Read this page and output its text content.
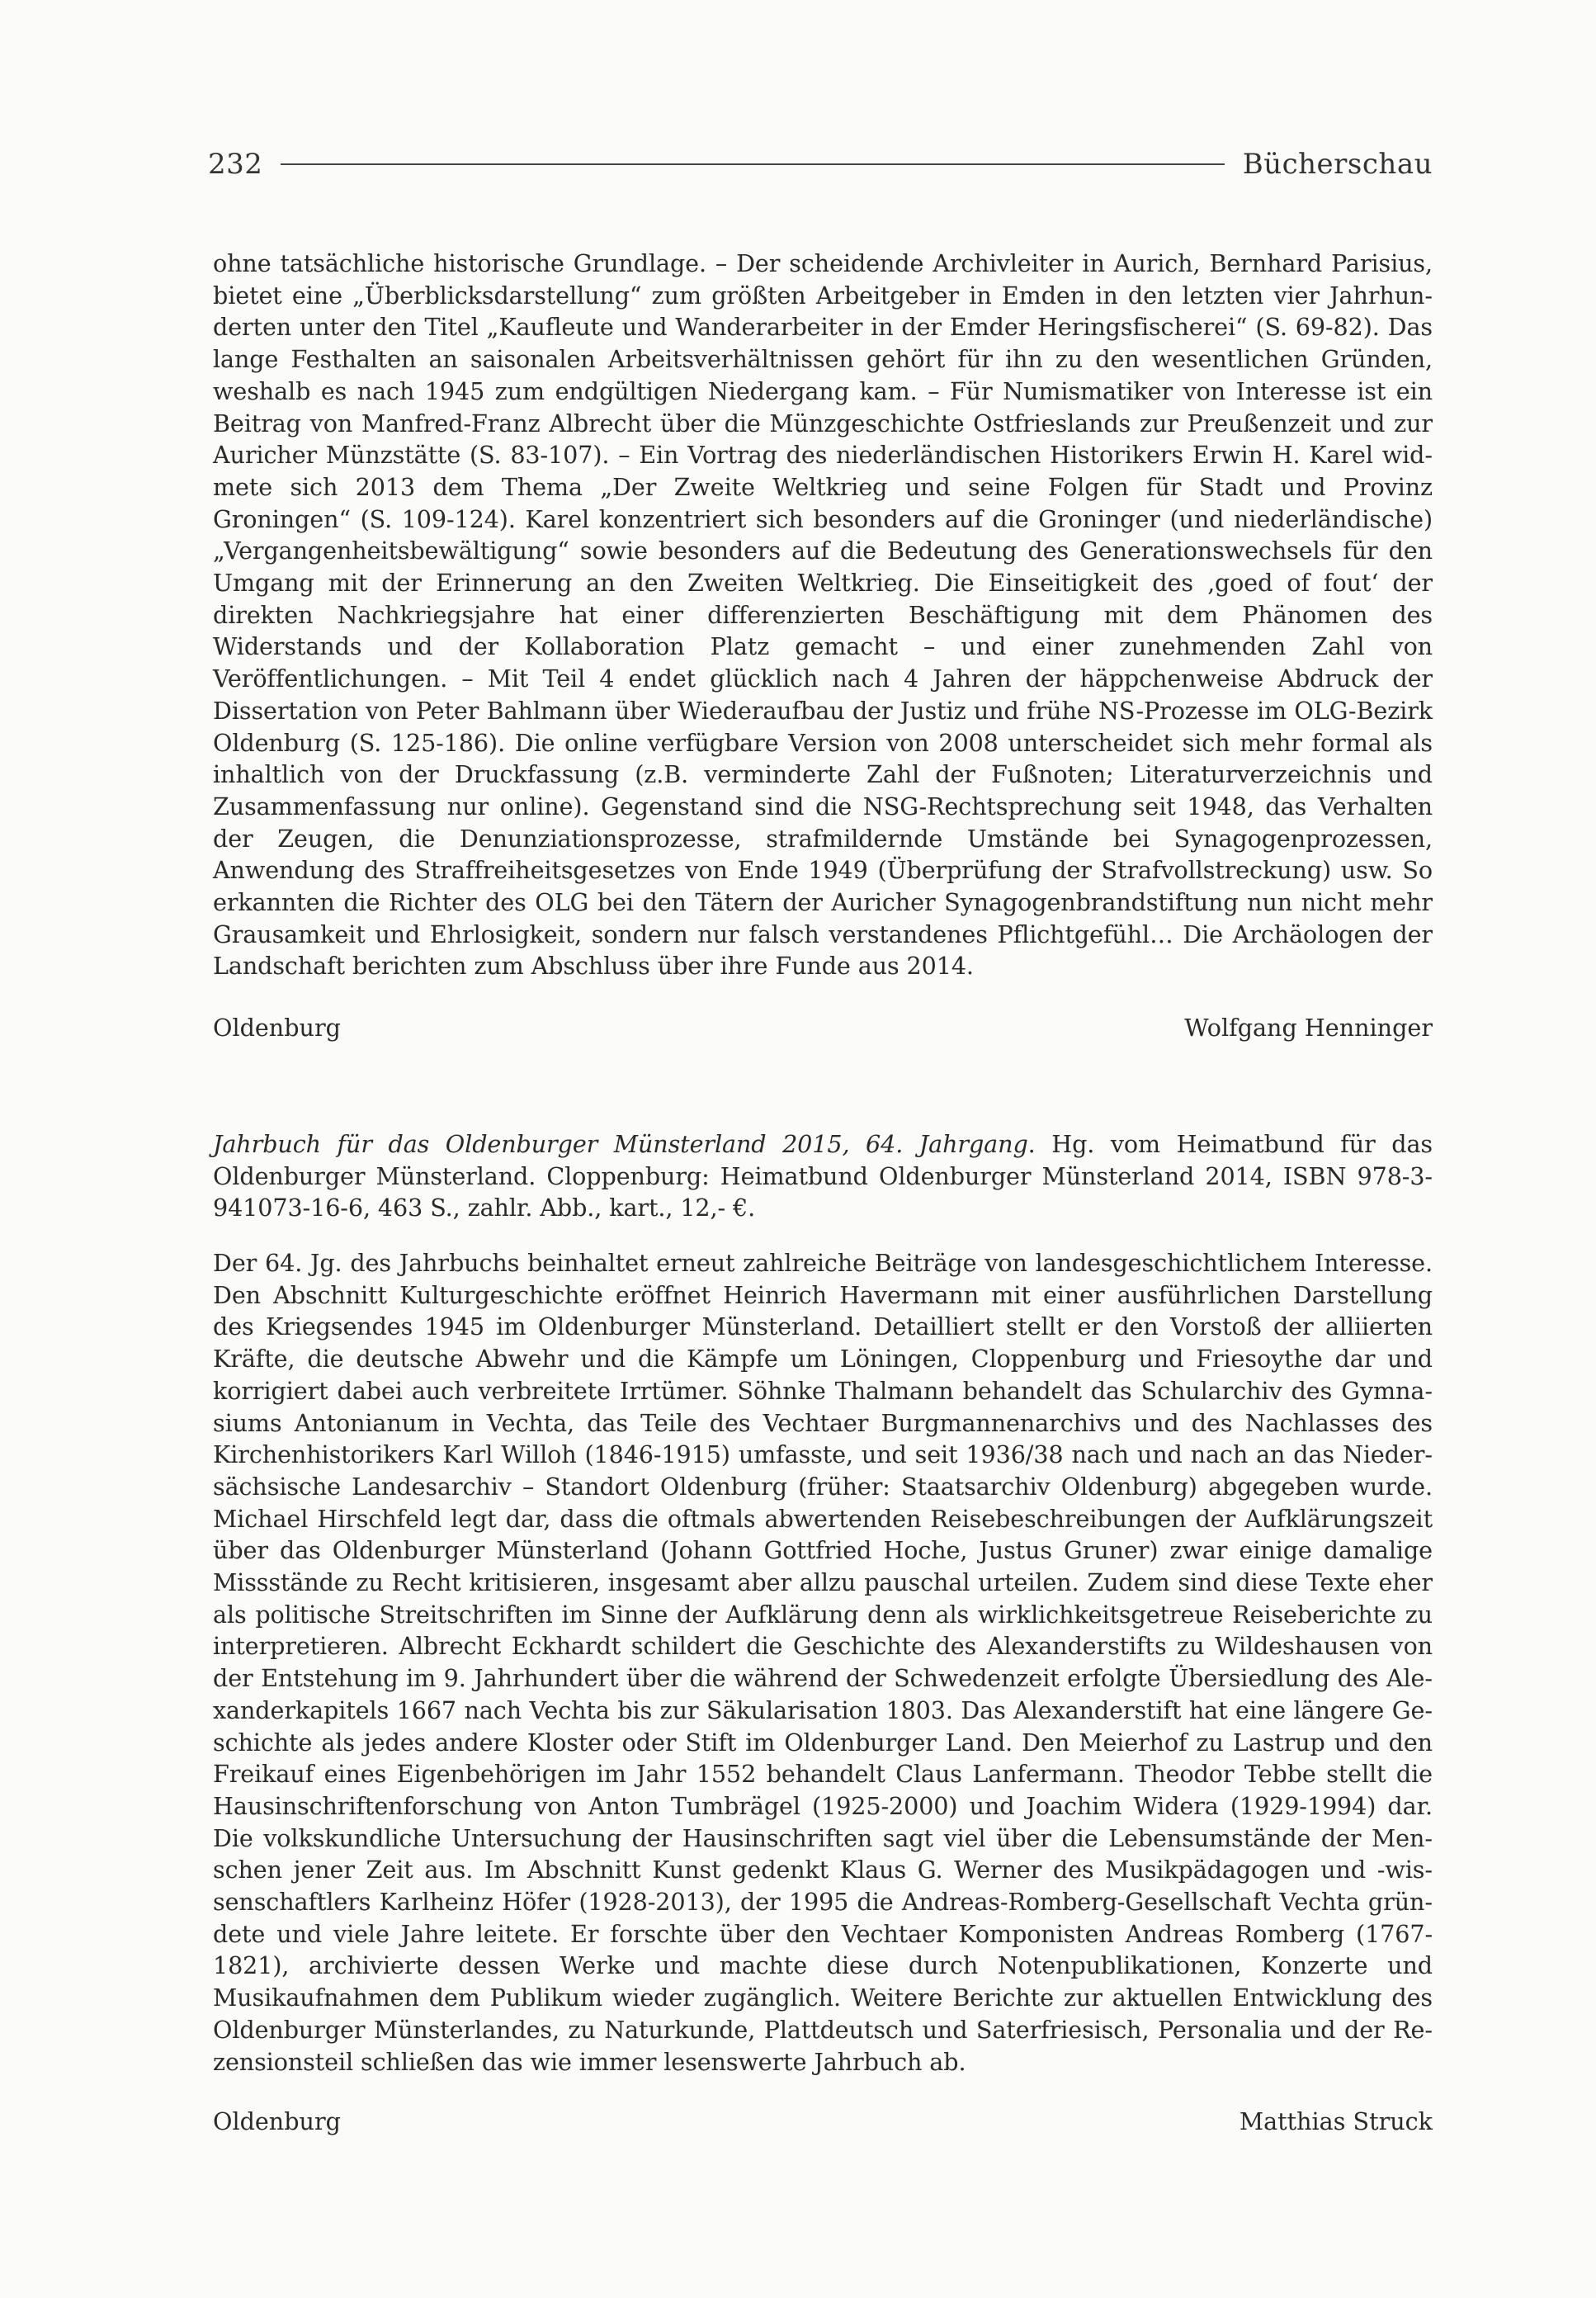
232	Bücherschau

ohne tatsächliche historische Grundlage. – Der scheidende Archivleiter in Aurich, Bernhard Parisius, bietet eine „Überblicksdarstellung“ zum größten Arbeitgeber in Emden in den letzten vier Jahrhunderten unter den Titel „Kaufleute und Wanderarbeiter in der Emder Heringsfischerei“ (S. 69-82). Das lange Festhalten an saisonalen Arbeitsverhältnissen gehört für ihn zu den wesentlichen Gründen, weshalb es nach 1945 zum endgültigen Niedergang kam. – Für Numismatiker von Interesse ist ein Beitrag von Manfred-Franz Albrecht über die Münzgeschichte Ostfrieslands zur Preußenzeit und zur Auricher Münzstätte (S. 83-107). – Ein Vortrag des niederländischen Historikers Erwin H. Karel widmete sich 2013 dem Thema „Der Zweite Weltkrieg und seine Folgen für Stadt und Provinz Groningen“ (S. 109-124). Karel konzentriert sich besonders auf die Groninger (und niederländische) „Vergangenheitsbewältigung“ sowie besonders auf die Bedeutung des Generationswechsels für den Umgang mit der Erinnerung an den Zweiten Weltkrieg. Die Einseitigkeit des ‚goed of fout‘ der direkten Nachkriegsjahre hat einer differenzierten Beschäftigung mit dem Phänomen des Widerstands und der Kollaboration Platz gemacht – und einer zunehmenden Zahl von Veröffentlichungen. – Mit Teil 4 endet glücklich nach 4 Jahren der häppchenweise Abdruck der Dissertation von Peter Bahlmann über Wiederaufbau der Justiz und frühe NS-Prozesse im OLG-Bezirk Oldenburg (S. 125-186). Die online verfügbare Version von 2008 unterscheidet sich mehr formal als inhaltlich von der Druckfassung (z.B. verminderte Zahl der Fußnoten; Literaturverzeichnis und Zusammenfassung nur online). Gegenstand sind die NSG-Rechtsprechung seit 1948, das Verhalten der Zeugen, die Denunziationsprozesse, strafmildernde Umstände bei Synagogenprozessen, Anwendung des Straffreiheitsgesetzes von Ende 1949 (Überprüfung der Strafvollstreckung) usw. So erkannten die Richter des OLG bei den Tätern der Auricher Synagogenbrandstiftung nun nicht mehr Grausamkeit und Ehrlosigkeit, sondern nur falsch verstandenes Pflichtgefühl… Die Archäologen der Landschaft berichten zum Abschluss über ihre Funde aus 2014.

Oldenburg	Wolfgang Henninger

Jahrbuch für das Oldenburger Münsterland 2015, 64. Jahrgang. Hg. vom Heimatbund für das Oldenburger Münsterland. Cloppenburg: Heimatbund Oldenburger Münsterland 2014, ISBN 978-3-941073-16-6, 463 S., zahlr. Abb., kart., 12,- €.

Der 64. Jg. des Jahrbuchs beinhaltet erneut zahlreiche Beiträge von landesgeschichtlichem Interesse. Den Abschnitt Kulturgeschichte eröffnet Heinrich Havermann mit einer ausführlichen Darstellung des Kriegsendes 1945 im Oldenburger Münsterland. Detailliert stellt er den Vorstoß der alliierten Kräfte, die deutsche Abwehr und die Kämpfe um Löningen, Cloppenburg und Friesoythe dar und korrigiert dabei auch verbreitete Irrtümer. Söhnke Thalmann behandelt das Schularchiv des Gymnasiums Antonianum in Vechta, das Teile des Vechtaer Burgmannenarchivs und des Nachlasses des Kirchenhistorikers Karl Willoh (1846-1915) umfasste, und seit 1936/38 nach und nach an das Niedersächsische Landesarchiv – Standort Oldenburg (früher: Staatsarchiv Oldenburg) abgegeben wurde. Michael Hirschfeld legt dar, dass die oftmals abwertenden Reisebeschreibungen der Aufklärungszeit über das Oldenburger Münsterland (Johann Gottfried Hoche, Justus Gruner) zwar einige damalige Missstände zu Recht kritisieren, insgesamt aber allzu pauschal urteilen. Zudem sind diese Texte eher als politische Streitschriften im Sinne der Aufklärung denn als wirklichkeitsgetreue Reiseberichte zu interpretieren. Albrecht Eckhardt schildert die Geschichte des Alexanderstifts zu Wildeshausen von der Entstehung im 9. Jahrhundert über die während der Schwedenzeit erfolgte Übersiedlung des Alexanderkapitels 1667 nach Vechta bis zur Säkularisation 1803. Das Alexanderstift hat eine längere Geschichte als jedes andere Kloster oder Stift im Oldenburger Land. Den Meierhof zu Lastrup und den Freikauf eines Eigenbehörigen im Jahr 1552 behandelt Claus Lanfermann. Theodor Tebbe stellt die Hausinschriftenforschung von Anton Tumbrägel (1925-2000) und Joachim Widera (1929-1994) dar. Die volkskundliche Untersuchung der Hausinschriften sagt viel über die Lebensumstände der Menschen jener Zeit aus. Im Abschnitt Kunst gedenkt Klaus G. Werner des Musikpädagogen und -wissenschaftlers Karlheinz Höfer (1928-2013), der 1995 die Andreas-Romberg-Gesellschaft Vechta gründete und viele Jahre leitete. Er forschte über den Vechtaer Komponisten Andreas Romberg (1767-1821), archivierte dessen Werke und machte diese durch Notenpublikationen, Konzerte und Musikaufnahmen dem Publikum wieder zugänglich. Weitere Berichte zur aktuellen Entwicklung des Oldenburger Münsterlandes, zu Naturkunde, Plattdeutsch und Saterfriesisch, Personalia und der Rezensionsteil schließen das wie immer lesenswerte Jahrbuch ab.

Oldenburg	Matthias Struck
